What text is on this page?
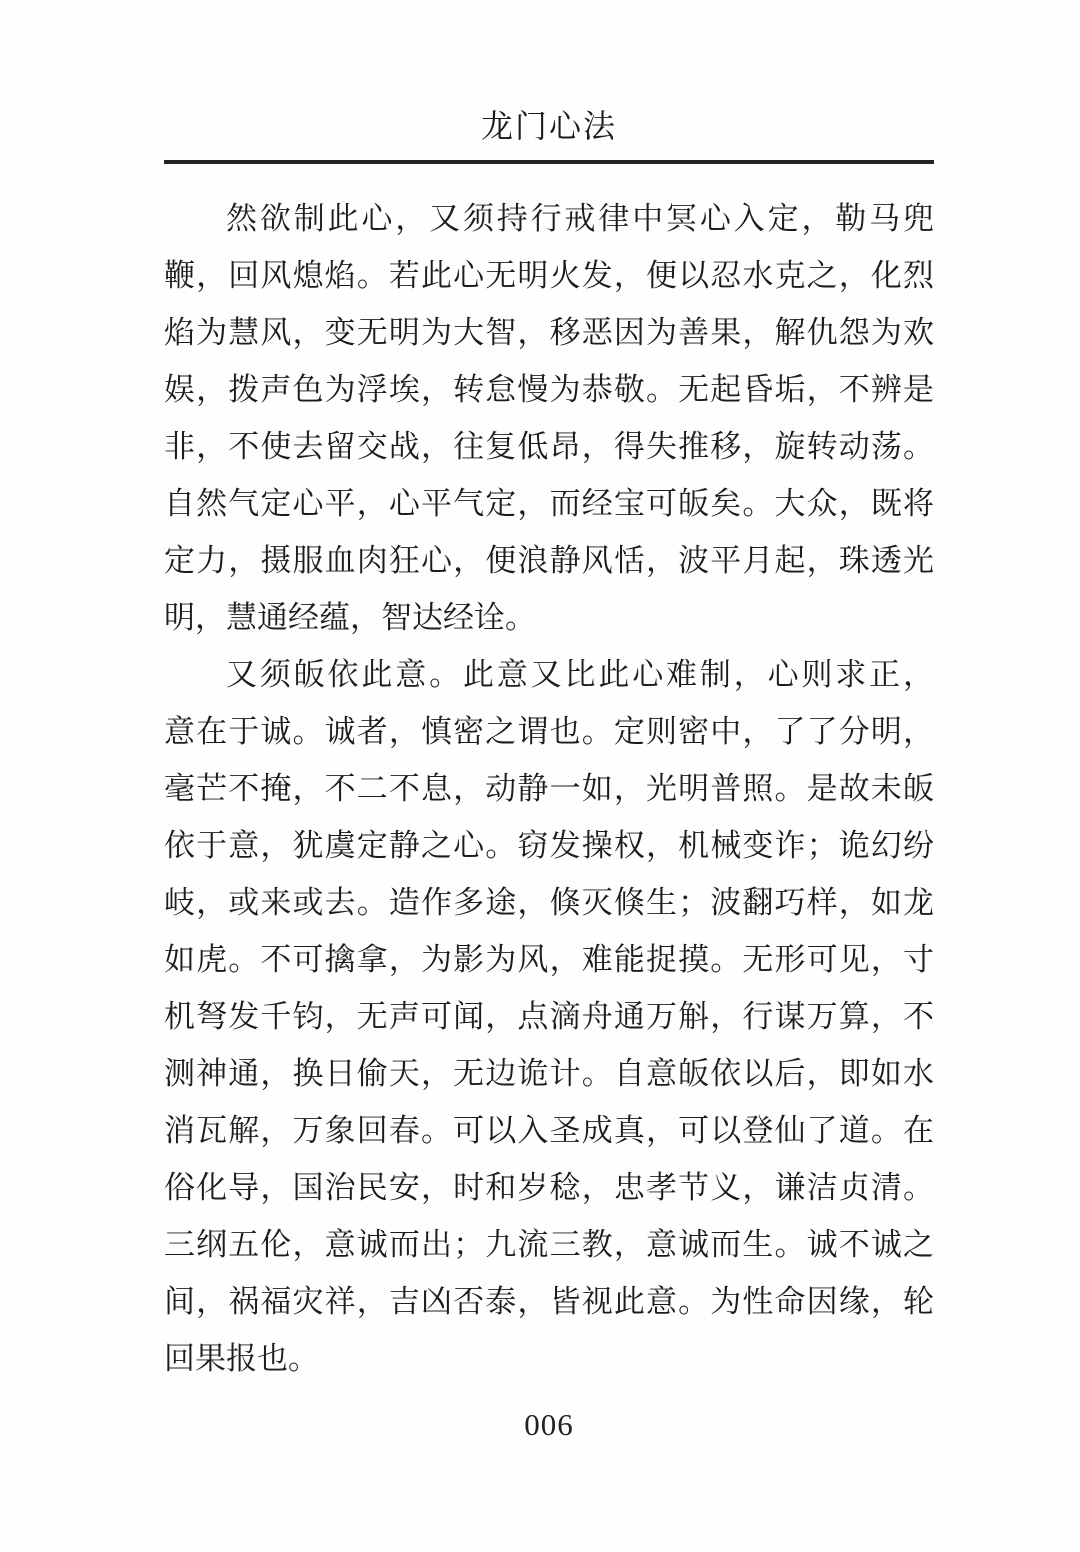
龙门心法
然欲制此心，又须持行戒律中冥心入定，勒马兜
鞭，回风熄焰。若此心无明火发，便以忍水克之，化烈
焰为慧风，变无明为大智，移恶因为善果，解仇怨为欢
娱，拨声色为浮埃，转怠慢为恭敬。无起昏垢，不辨是
非，不使去留交战，往复低昂，得失推移，旋转动荡。
自然气定心平，心平气定，而经宝可皈矣。大众，既将
定力，摄服血肉狂心，便浪静风恬，波平月起，珠透光
明，慧通经蕴，智达经诠。
又须皈依此意。此意又比此心难制，心则求正，
意在于诚。诚者，慎密之谓也。定则密中，了了分明，
毫芒不掩，不二不息，动静一如，光明普照。是故未皈
依于意，犹虞定静之心。窃发操权，机械变诈；诡幻纷
岐，或来或去。造作多途，倏灭倏生；波翻巧样，如龙
如虎。不可擒拿，为影为风，难能捉摸。无形可见，寸
机弩发千钧，无声可闻，点滴舟通万斛，行谋万算，不
测神通，换日偷天，无边诡计。自意皈依以后，即如水
消瓦解，万象回春。可以入圣成真，可以登仙了道。在
俗化导，国治民安，时和岁稔，忠孝节义，谦洁贞清。
三纲五伦，意诚而出；九流三教，意诚而生。诚不诚之
间，祸福灾祥，吉凶否泰，皆视此意。为性命因缘，轮
回果报也。
006
